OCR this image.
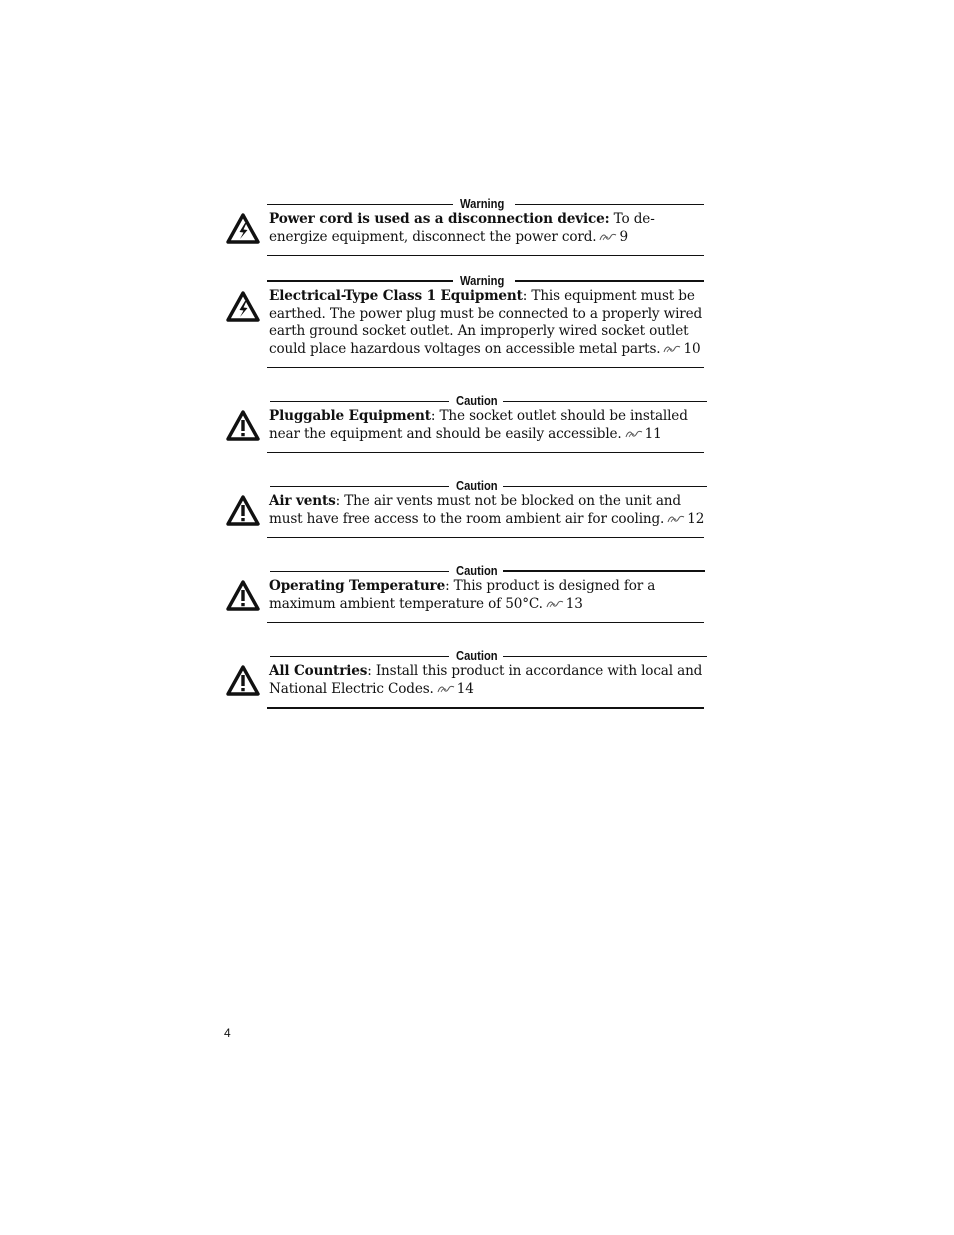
Warning
Power cord is used as a disconnection device: To de-energize equipment, disconnect the power cord. 9
Warning
Electrical-Type Class 1 Equipment: This equipment must be earthed. The power plug must be connected to a properly wired earth ground socket outlet. An improperly wired socket outlet could place hazardous voltages on accessible metal parts. 10
Caution
Pluggable Equipment: The socket outlet should be installed near the equipment and should be easily accessible. 11
Caution
Air vents: The air vents must not be blocked on the unit and must have free access to the room ambient air for cooling. 12
Caution
Operating Temperature: This product is designed for a maximum ambient temperature of 50°C. 13
Caution
All Countries: Install this product in accordance with local and National Electric Codes. 14
4
